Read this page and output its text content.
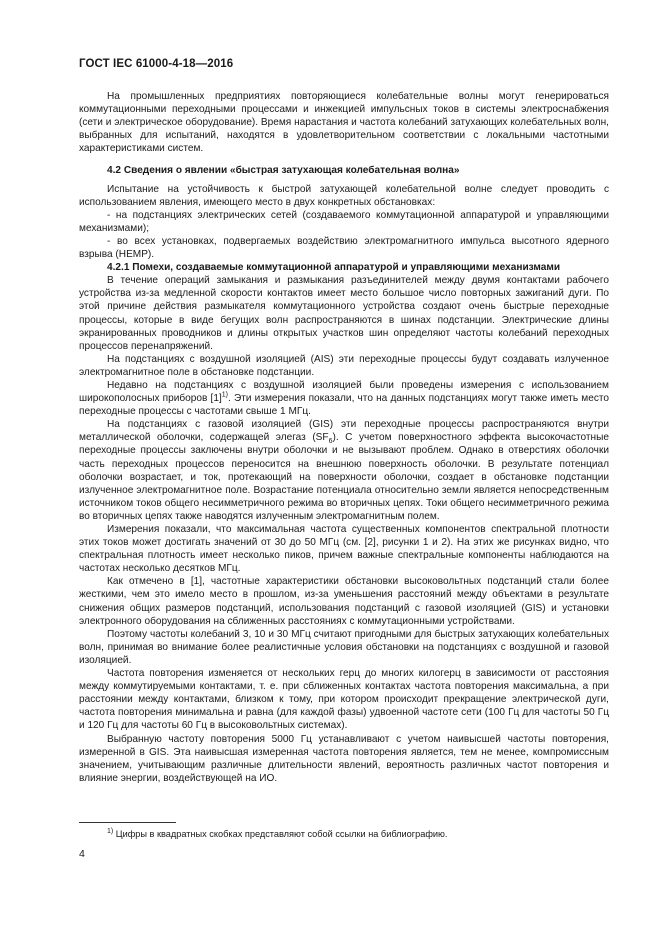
ГОСТ IEC 61000-4-18—2016

На промышленных предприятиях повторяющиеся колебательные волны могут генерироваться коммутационными переходными процессами и инжекцией импульсных токов в системы электроснабжения (сети и электрическое оборудование). Время нарастания и частота колебаний затухающих колебательных волн, выбранных для испытаний, находятся в удовлетворительном соответствии с локальными частотными характеристиками систем.

4.2 Сведения о явлении «быстрая затухающая колебательная волна»

Испытание на устойчивость к быстрой затухающей колебательной волне следует проводить с использованием явления, имеющего место в двух конкретных обстановках:

- на подстанциях электрических сетей (создаваемого коммутационной аппаратурой и управляющими механизмами);

- во всех установках, подвергаемых воздействию электромагнитного импульса высотного ядерного взрыва (HEMP).

4.2.1 Помехи, создаваемые коммутационной аппаратурой и управляющими механизмами

В течение операций замыкания и размыкания разъединителей между двумя контактами рабочего устройства из-за медленной скорости контактов имеет место большое число повторных зажиганий дуги. По этой причине действия размыкателя коммутационного устройства создают очень быстрые переходные процессы, которые в виде бегущих волн распространяются в шинах подстанции. Электрические длины экранированных проводников и длины открытых участков шин определяют частоты колебаний переходных процессов перенапряжений.

На подстанциях с воздушной изоляцией (AIS) эти переходные процессы будут создавать излученное электромагнитное поле в обстановке подстанции.

Недавно на подстанциях с воздушной изоляцией были проведены измерения с использованием широкополосных приборов $[1]^{1)}$. Эти измерения показали, что на данных подстанциях могут также иметь место переходные процессы с частотами свыше 1 МГц.

На подстанциях с газовой изоляцией (GIS) эти переходные процессы распространяются внутри металлической оболочки, содержащей элегаз $(SF_6)$. С учетом поверхностного эффекта высокочастотные переходные процессы заключены внутри оболочки и не вызывают проблем. Однако в отверстиях оболочки часть переходных процессов переносится на внешнюю поверхность оболочки. В результате потенциал оболочки возрастает, и ток, протекающий на поверхности оболочки, создает в обстановке подстанции излученное электромагнитное поле. Возрастание потенциала относительно земли является непосредственным источником токов общего несимметричного режима во вторичных цепях. Токи общего несимметричного режима во вторичных цепях также наводятся излученным электромагнитным полем.

Измерения показали, что максимальная частота существенных компонентов спектральной плотности этих токов может достигать значений от 30 до 50 МГц (см. [2], рисунки 1 и 2). На этих же рисунках видно, что спектральная плотность имеет несколько пиков, причем важные спектральные компоненты наблюдаются на частотах несколько десятков МГц.

Как отмечено в [1], частотные характеристики обстановки высоковольтных подстанций стали более жесткими, чем это имело место в прошлом, из-за уменьшения расстояний между объектами в результате снижения общих размеров подстанций, использования подстанций с газовой изоляцией (GIS) и установки электронного оборудования на сближенных расстояниях с коммутационными устройствами.

Поэтому частоты колебаний 3, 10 и 30 МГц считают пригодными для быстрых затухающих колебательных волн, принимая во внимание более реалистичные условия обстановки на подстанциях с воздушной и газовой изоляцией.

Частота повторения изменяется от нескольких герц до многих килогерц в зависимости от расстояния между коммутируемыми контактами, т. е. при сближенных контактах частота повторения максимальна, а при расстоянии между контактами, близком к тому, при котором происходит прекращение электрической дуги, частота повторения минимальна и равна (для каждой фазы) удвоенной частоте сети (100 Гц для частоты 50 Гц и 120 Гц для частоты 60 Гц в высоковольтных системах).

Выбранную частоту повторения 5000 Гц устанавливают с учетом наивысшей частоты повторения, измеренной в GIS. Эта наивысшая измеренная частота повторения является, тем не менее, компромиссным значением, учитывающим различные длительности явлений, вероятность различных частот повторения и влияние энергии, воздействующей на ИО.

$^{1)}$ Цифры в квадратных скобках представляют собой ссылки на библиографию.
4
